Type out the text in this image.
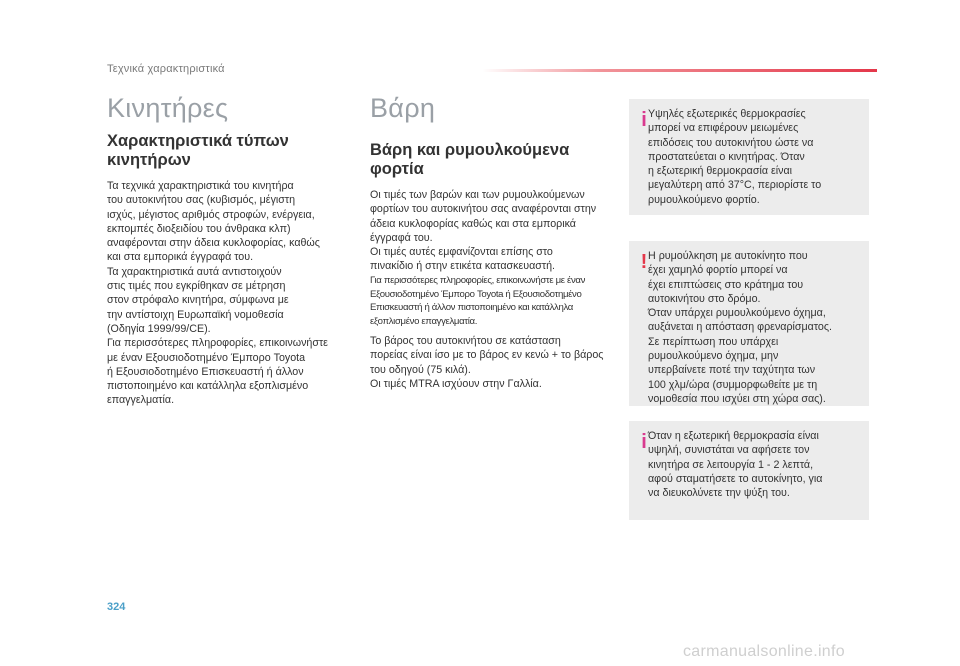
Τεχνικά χαρακτηριστικά
Κινητήρες
Χαρακτηριστικά τύπων
κινητήρων
Τα τεχνικά χαρακτηριστικά του κινητήρα
του αυτοκινήτου σας (κυβισμός, μέγιστη
ισχύς, μέγιστος αριθμός στροφών, ενέργεια,
εκπομπές διοξειδίου του άνθρακα κλπ)
αναφέρονται στην άδεια κυκλοφορίας, καθώς
και στα εμπορικά έγγραφά του.
Τα χαρακτηριστικά αυτά αντιστοιχούν
στις τιμές που εγκρίθηκαν σε μέτρηση
στον στρόφαλο κινητήρα, σύμφωνα με
την αντίστοιχη Ευρωπαϊκή νομοθεσία
(Οδηγία 1999/99/CE).
Για περισσότερες πληροφορίες, επικοινωνήστε
με έναν Εξουσιοδοτημένο Έμπορο Toyota
ή Εξουσιοδοτημένο Επισκευαστή ή άλλον
πιστοποιημένο και κατάλληλα εξοπλισμένο
επαγγελματία.
Βάρη
Βάρη και ρυμουλκούμενα
φορτία
Οι τιμές των βαρών και των ρυμουλκούμενων
φορτίων του αυτοκινήτου σας αναφέρονται στην
άδεια κυκλοφορίας καθώς και στα εμπορικά
έγγραφά του.
Οι τιμές αυτές εμφανίζονται επίσης στο
πινακίδιο ή στην ετικέτα κατασκευαστή.
Για περισσότερες πληροφορίες, επικοινωνήστε με έναν
Εξουσιοδοτημένο Έμπορο Toyota ή Εξουσιοδοτημένο
Επισκευαστή ή άλλον πιστοποιημένο και κατάλληλα
εξοπλισμένο επαγγελματία.
Το βάρος του αυτοκινήτου σε κατάσταση
πορείας είναι ίσο με το βάρος εν κενώ + το βάρος
του οδηγού (75 κιλά).
Οι τιμές MTRA ισχύουν στην Γαλλία.
i Υψηλές εξωτερικές θερμοκρασίες
μπορεί να επιφέρουν μειωμένες
επιδόσεις του αυτοκινήτου ώστε να
προστατεύεται ο κινητήρας. Όταν
η εξωτερική θερμοκρασία είναι
μεγαλύτερη από 37°C, περιορίστε το
ρυμουλκούμενο φορτίο.
! Η ρυμούλκηση με αυτοκίνητο που
έχει χαμηλό φορτίο μπορεί να
έχει επιπτώσεις στο κράτημα του
αυτοκινήτου στο δρόμο.
Όταν υπάρχει ρυμουλκούμενο όχημα,
αυξάνεται η απόσταση φρεναρίσματος.
Σε περίπτωση που υπάρχει
ρυμουλκούμενο όχημα, μην
υπερβαίνετε ποτέ την ταχύτητα των
100 χλμ/ώρα (συμμορφωθείτε με τη
νομοθεσία που ισχύει στη χώρα σας).
i Όταν η εξωτερική θερμοκρασία είναι
υψηλή, συνιστάται να αφήσετε τον
κινητήρα σε λειτουργία 1 - 2 λεπτά,
αφού σταματήσετε το αυτοκίνητο, για
να διευκολύνετε την ψύξη του.
324
carmanualsonline.info
